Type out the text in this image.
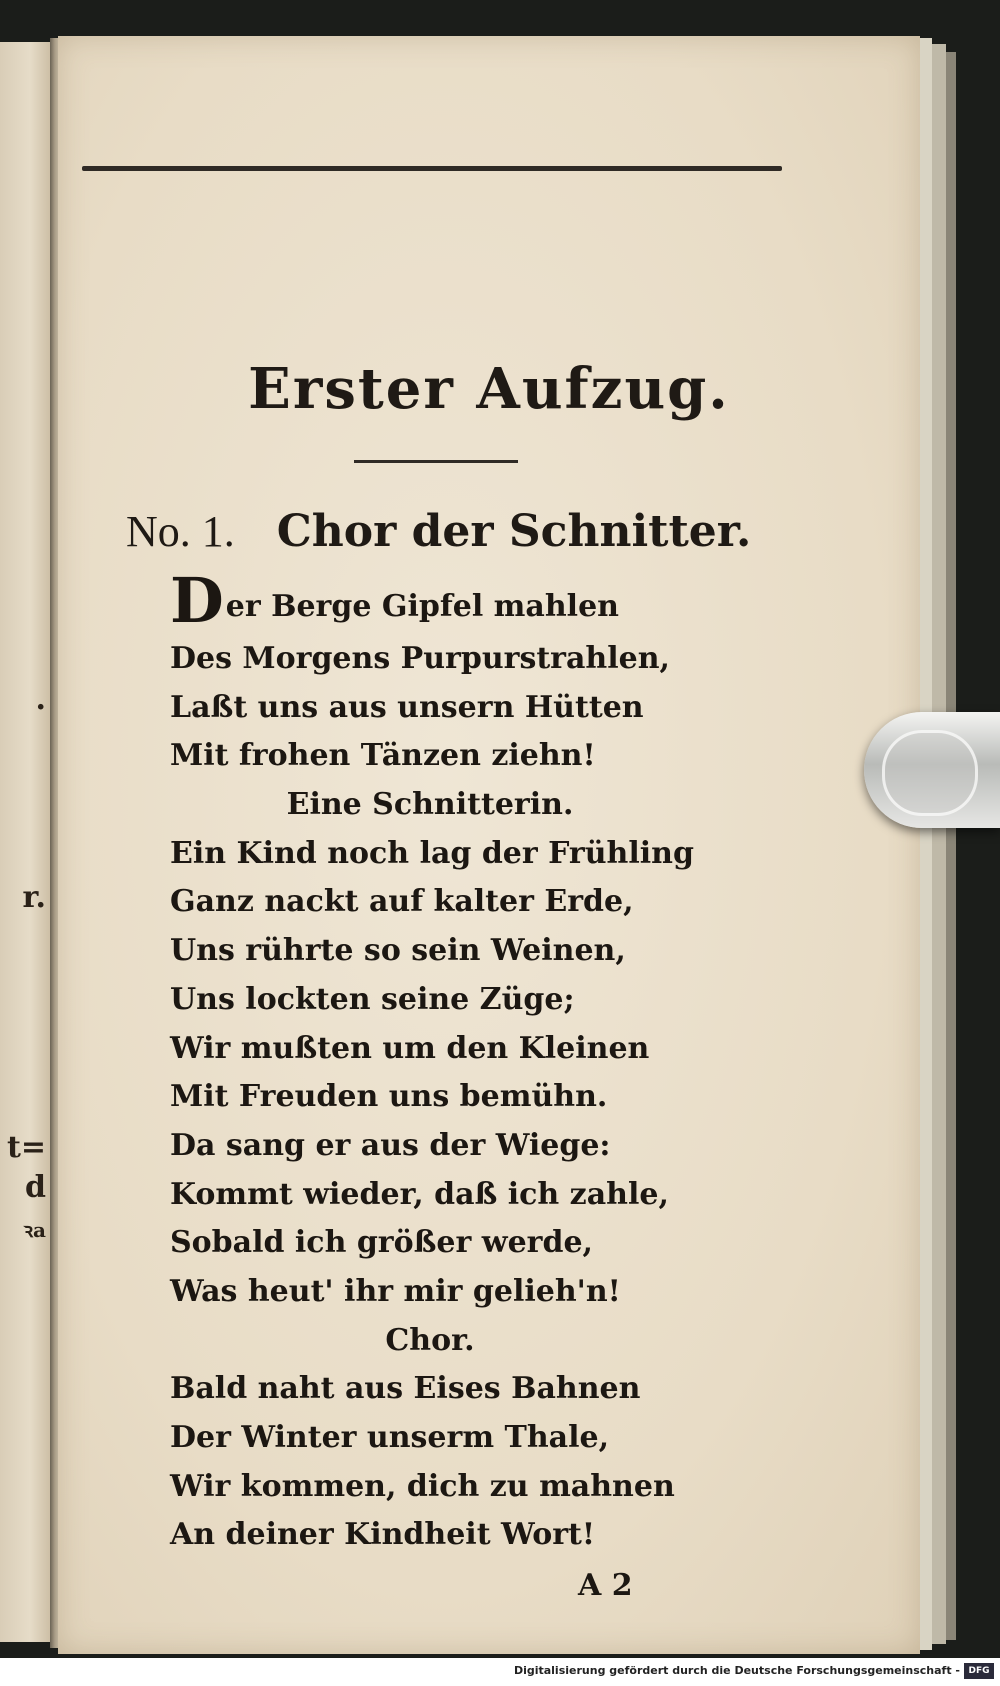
.
r.
t=
d
ꝛa
Erster Aufzug.
No. 1. Chor der Schnitter.
Der Berge Gipfel mahlen
Des Morgens Purpurstrahlen,
Laßt uns aus unsern Hütten
Mit frohen Tänzen ziehn!
Eine Schnitterin.
Ein Kind noch lag der Frühling
Ganz nackt auf kalter Erde,
Uns rührte so sein Weinen,
Uns lockten seine Züge;
Wir mußten um den Kleinen
Mit Freuden uns bemühn.
Da sang er aus der Wiege:
Kommt wieder, daß ich zahle,
Sobald ich größer werde,
Was heut' ihr mir gelieh'n!
Chor.
Bald naht aus Eises Bahnen
Der Winter unserm Thale,
Wir kommen, dich zu mahnen
An deiner Kindheit Wort!
A 2
Digitalisierung gefördert durch die Deutsche Forschungsgemeinschaft - DFG
